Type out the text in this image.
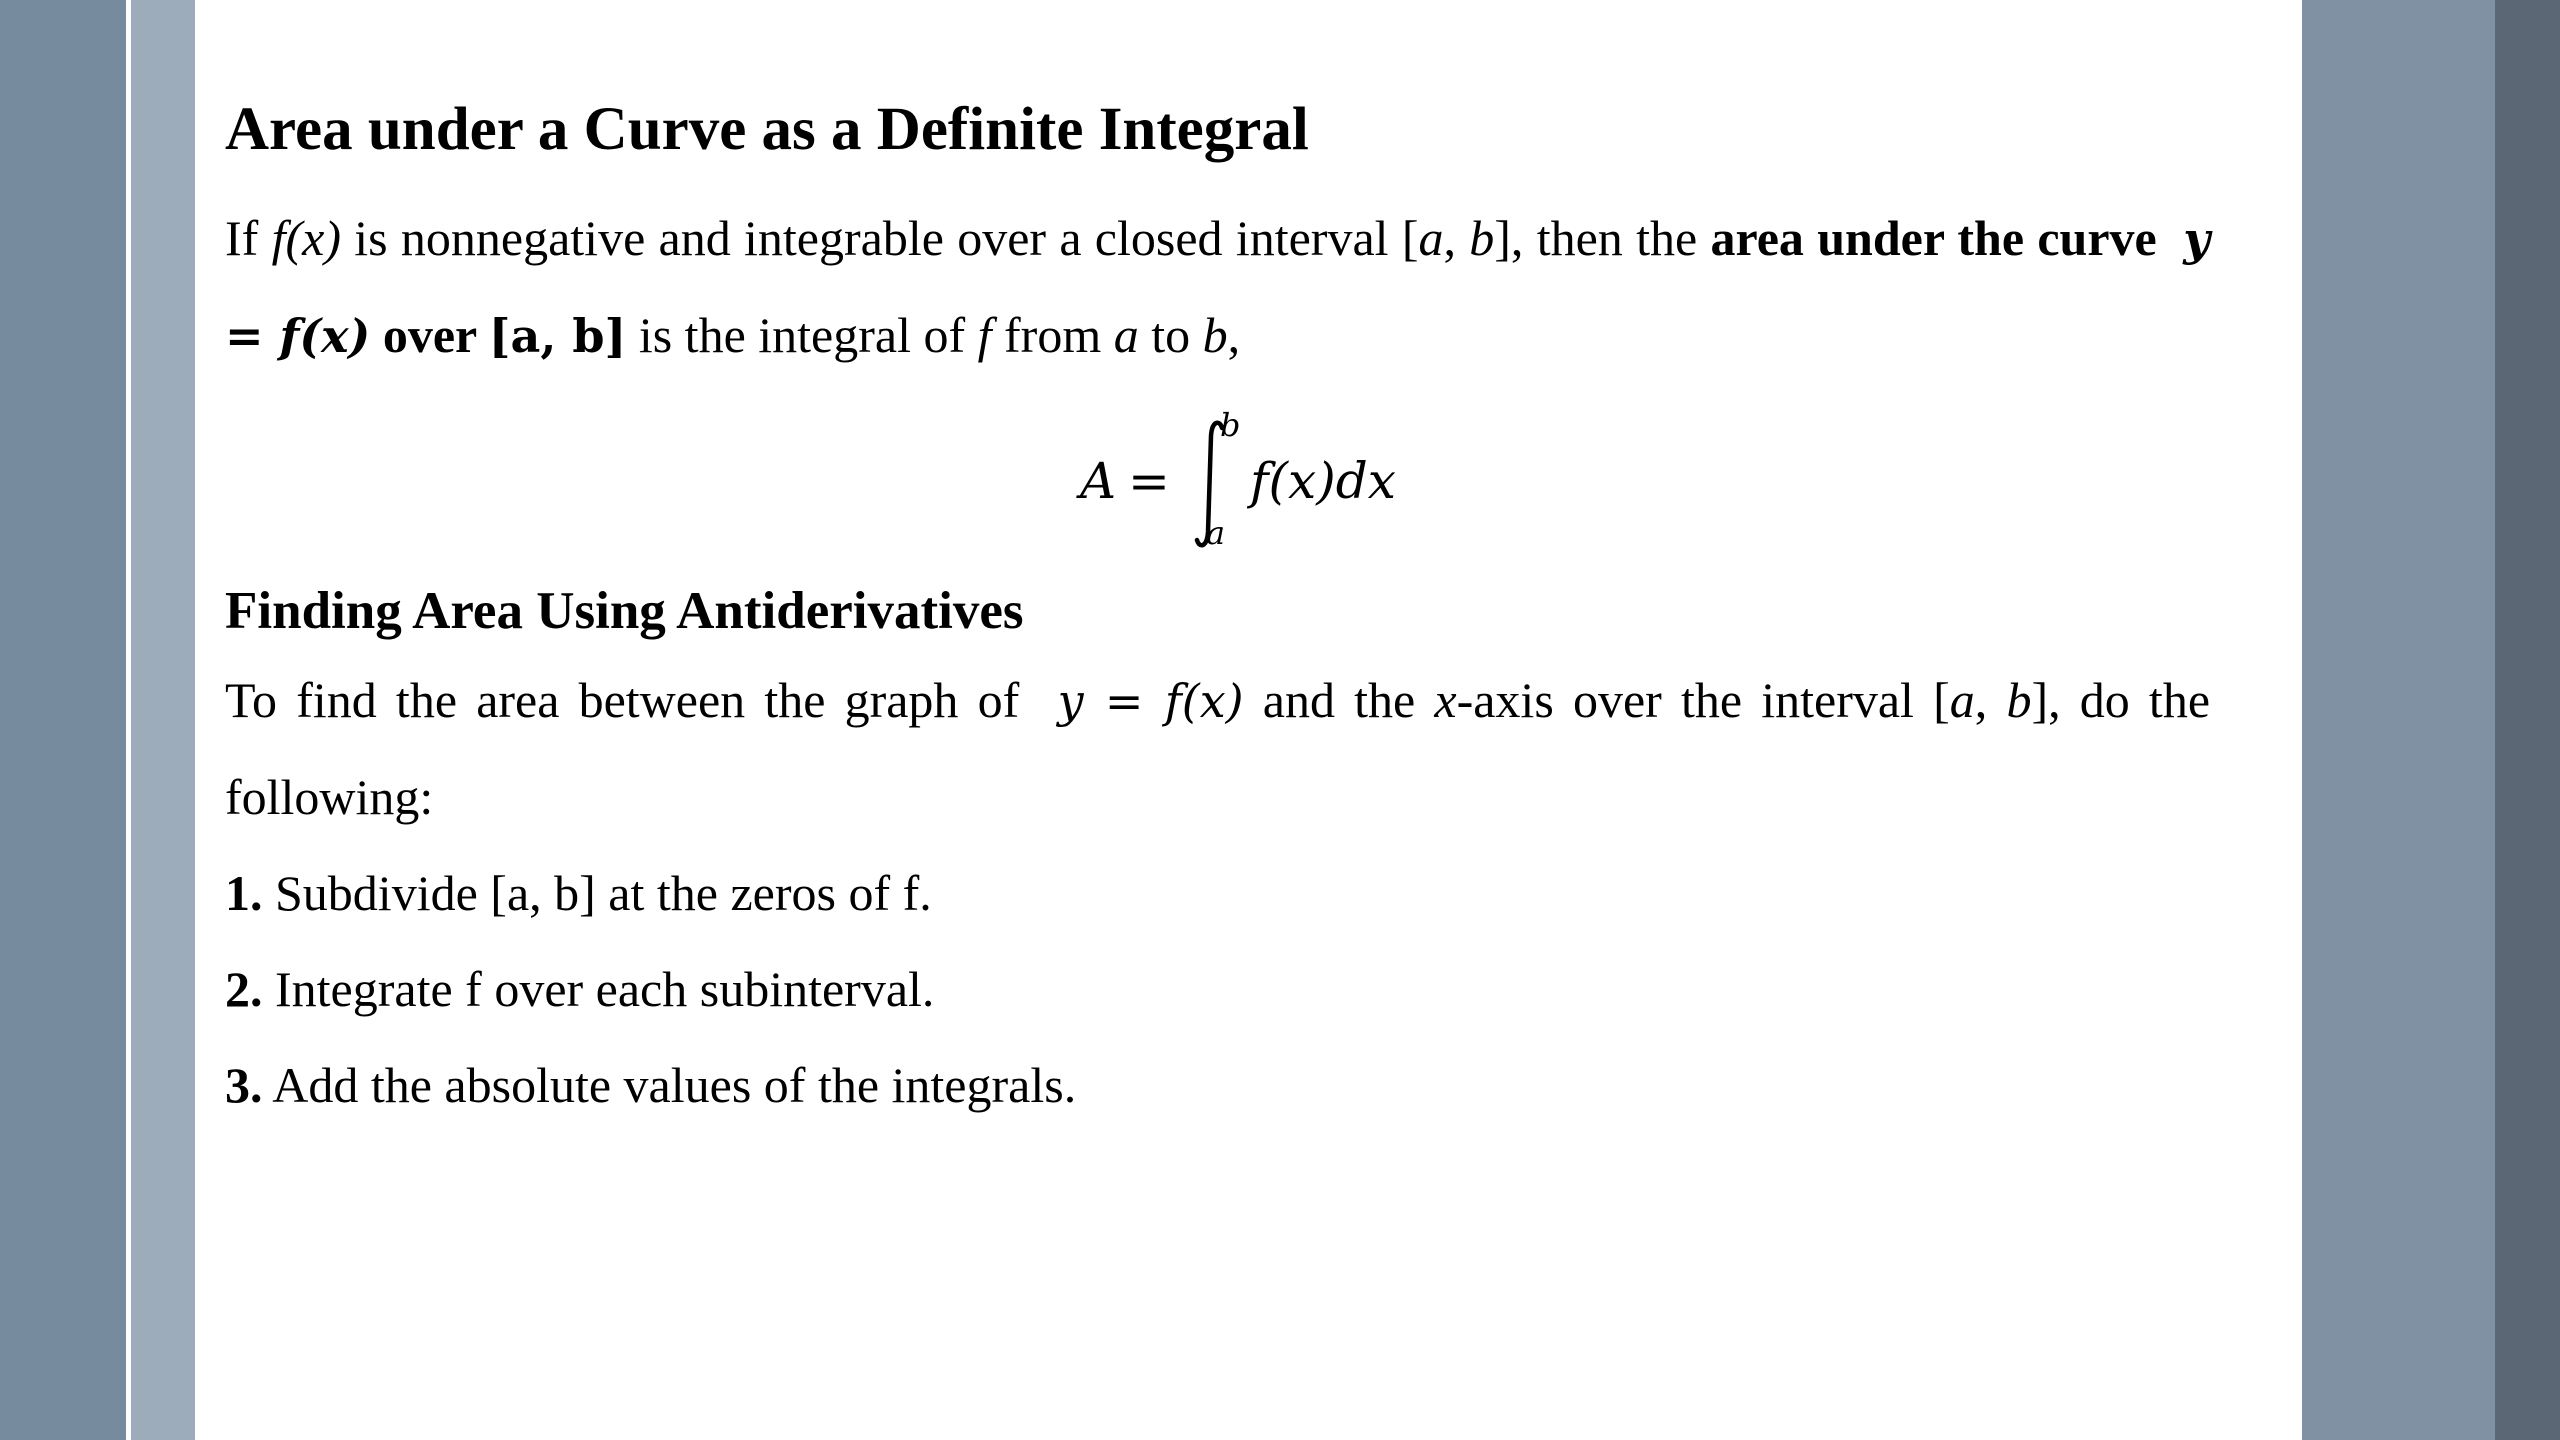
Area under a Curve as a Definite Integral

If f(x) is nonnegative and integrable over a closed interval [a, b], then the area under the curve y = f(x) over [a, b] is the integral of f from a to b,

A =
b
a
f(x)dx
Finding Area Using Antiderivatives

To find the area between the graph of  y = f(x) and the x-axis over the interval [a, b], do the following:

1. Subdivide [a, b] at the zeros of f.
2. Integrate f over each subinterval.
3. Add the absolute values of the integrals.
